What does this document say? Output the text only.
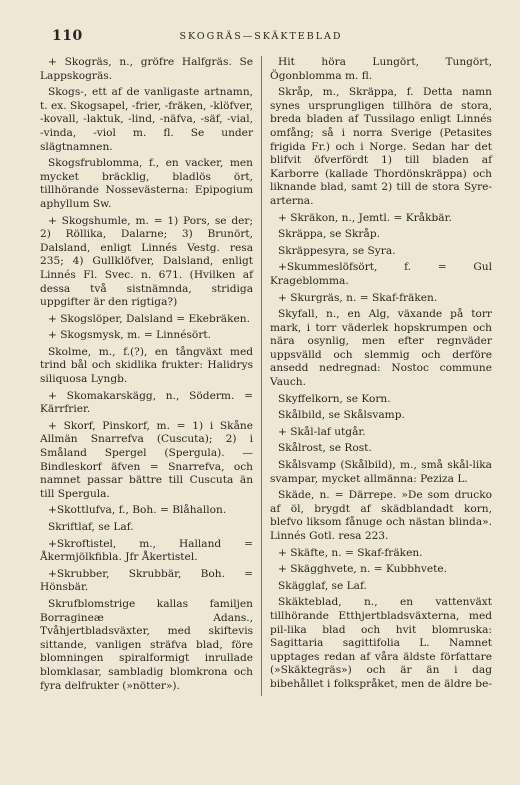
110	SKOGRÄS—SKÄKTEBLAD

+ Skogräs, n., gröfre Halfgräs. Se Lappskogräs.

Skogs-, ett af de vanligaste artnamn, t. ex. Skogsapel, -frier, -fräken, -klöfver, -kovall, -laktuk, -lind, -näfva, -säf, -vial, -vinda, -viol m. fl. Se under slägtnamnen.

Skogsfrublomma, f., en vacker, men mycket bräcklig, bladlös ört, tillhörande Nossevästerna: Epipogium aphyllum Sw.

+ Skogshumle, m. = 1) Pors, se der; 2) Röllika, Dalarne; 3) Brunört, Dalsland, enligt Linnés Vestg. resa 235; 4) Gullklöfver, Dalsland, enligt Linnés Fl. Svec. n. 671. (Hvilken af dessa två sistnämnda, stridiga uppgifter är den rigtiga?)

+ Skogslöper, Dalsland = Ekebräken.

+ Skogsmysk, m. = Linnésört.

Skolme, m., f.(?), en tångväxt med trind bål och skidlika frukter: Halidrys siliquosa Lyngb.

+ Skomakarskägg, n., Söderm. = Kärrfrier.

+ Skorf, Pinskorf, m. = 1) i Skåne Allmän Snarrefva (Cuscuta); 2) i Småland Spergel (Spergula). — Bindleskorf äfven = Snarrefva, och namnet passar bättre till Cuscuta än till Spergula.

+Skottlufva, f., Boh. = Blåhallon.

Skriftlaf, se Laf.

+Skroftistel, m., Halland = Åkermjölkfibla. Jfr Åkertistel.

+Skrubber, Skrubbär, Boh. = Hönsbär.

Skrufblomstrige kallas familjen Borragineæ Adans., Tvåhjertbladsväxter, med skiftevis sittande, vanligen sträfva blad, före blomningen spiralformigt inrullade blomklasar, sambladig blomkrona och fyra delfrukter (»nötter»).

Hit höra Lungört, Tungört, Ögonblomma m. fl.

Skråp, m., Skräppa, f. Detta namn synes ursprungligen tillhöra de stora, breda bladen af Tussilago enligt Linnés omfång; så i norra Sverige (Petasites frigida Fr.) och i Norge. Sedan har det blifvit öfverfördt 1) till bladen af Karborre (kallade Thordönskräppa) och liknande blad, samt 2) till de stora Syre-arterna.

+ Skräkon, n., Jemtl. = Kråkbär.

Skräppa, se Skråp.

Skräppesyra, se Syra.

+Skummeslöfsört, f. = Gul Krageblomma.

+ Skurgräs, n. = Skaf-fräken.

Skyfall, n., en Alg, växande på torr mark, i torr väderlek hopskrumpen och nära osynlig, men efter regnväder uppsvälld och slemmig och derföre ansedd nedregnad: Nostoc commune Vauch.

Skyffelkorn, se Korn.

Skålbild, se Skålsvamp.

+ Skål-laf utgår.

Skålrost, se Rost.

Skålsvamp (Skålbild), m., små skål-lika svampar, mycket allmänna: Peziza L.

Skäde, n. = Därrepe. »De som drucko af öl, brygdt af skädblandadt korn, blefvo liksom fånuge och nästan blinda». Linnés Gotl. resa 223.

+ Skäfte, n. = Skaf-fräken.

+ Skägghvete, n. = Kubbhvete.

Skägglaf, se Laf.

Skäkteblad, n., en vattenväxt tillhörande Etthjertbladsväxterna, med pil-lika blad och hvit blomruska: Sagittaria sagittifolia L. Namnet upptages redan af våra äldste författare (»Skäktegräs») och är än i dag bibehållet i folkspråket, men de äldre be-
